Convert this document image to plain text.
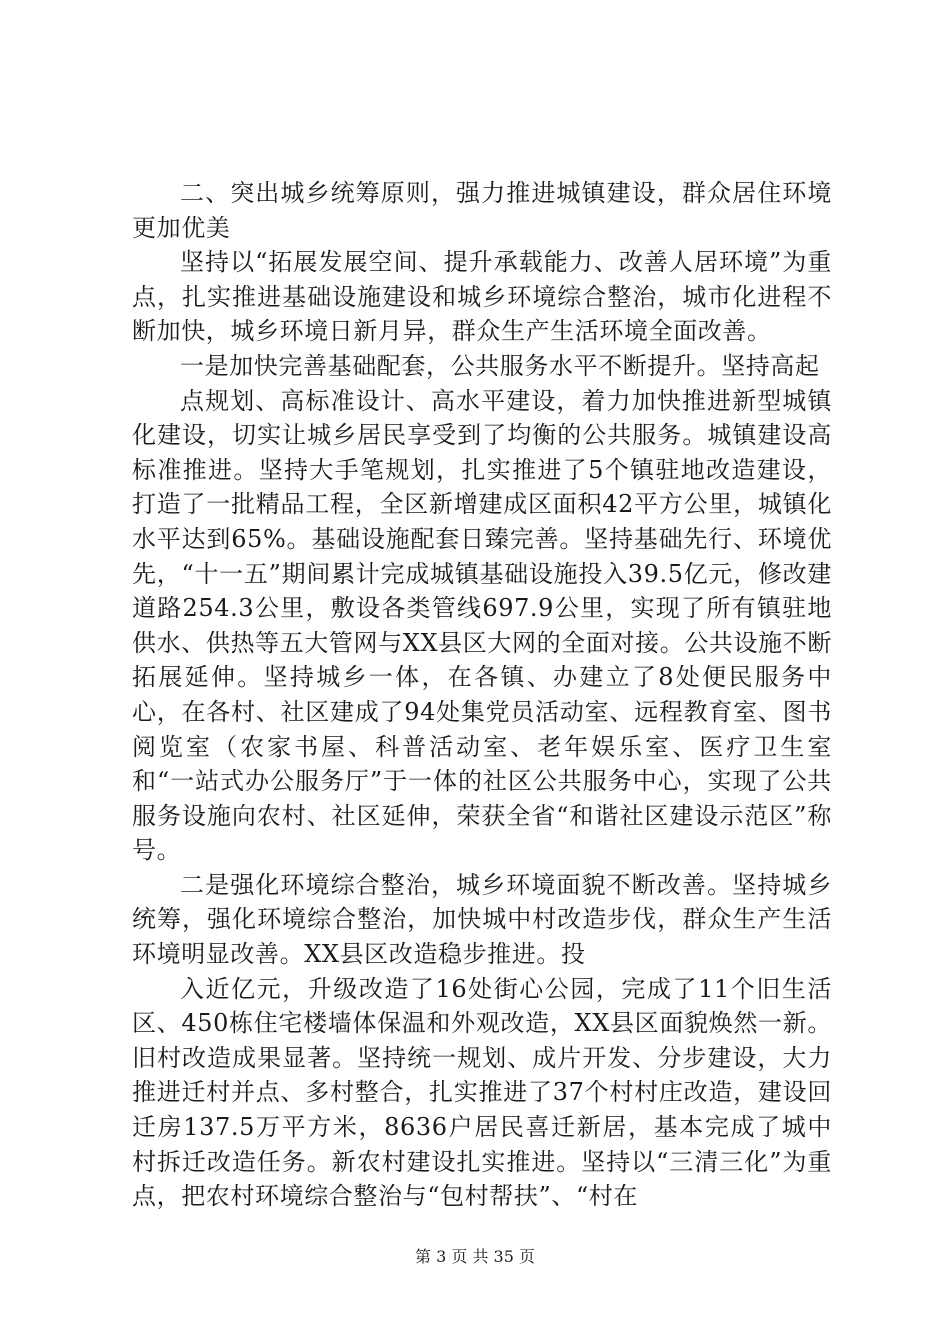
二、突出城乡统筹原则，强力推进城镇建设，群众居住环境更加优美

坚持以“拓展发展空间、提升承载能力、改善人居环境”为重点，扎实推进基础设施建设和城乡环境综合整治，城市化进程不断加快，城乡环境日新月异，群众生产生活环境全面改善。

一是加快完善基础配套，公共服务水平不断提升。坚持高起

点规划、高标准设计、高水平建设，着力加快推进新型城镇化建设，切实让城乡居民享受到了均衡的公共服务。城镇建设高标准推进。坚持大手笔规划，扎实推进了5个镇驻地改造建设，打造了一批精品工程，全区新增建成区面积42平方公里，城镇化水平达到65%。基础设施配套日臻完善。坚持基础先行、环境优先，“十一五”期间累计完成城镇基础设施投入39.5亿元，修改建道路254.3公里，敷设各类管线697.9公里，实现了所有镇驻地供水、供热等五大管网与XX县区大网的全面对接。公共设施不断拓展延伸。坚持城乡一体，在各镇、办建立了8处便民服务中心，在各村、社区建成了94处集党员活动室、远程教育室、图书阅览室（农家书屋、科普活动室、老年娱乐室、医疗卫生室和“一站式办公服务厅”于一体的社区公共服务中心，实现了公共服务设施向农村、社区延伸，荣获全省“和谐社区建设示范区”称号。

二是强化环境综合整治，城乡环境面貌不断改善。坚持城乡统筹，强化环境综合整治，加快城中村改造步伐，群众生产生活环境明显改善。XX县区改造稳步推进。投

入近亿元，升级改造了16处街心公园，完成了11个旧生活区、450栋住宅楼墙体保温和外观改造，XX县区面貌焕然一新。旧村改造成果显著。坚持统一规划、成片开发、分步建设，大力推进迁村并点、多村整合，扎实推进了37个村村庄改造，建设回迁房137.5万平方米，8636户居民喜迁新居，基本完成了城中村拆迁改造任务。新农村建设扎实推进。坚持以“三清三化”为重点，把农村环境综合整治与“包村帮扶”、“村在

第 3 页 共 35 页
